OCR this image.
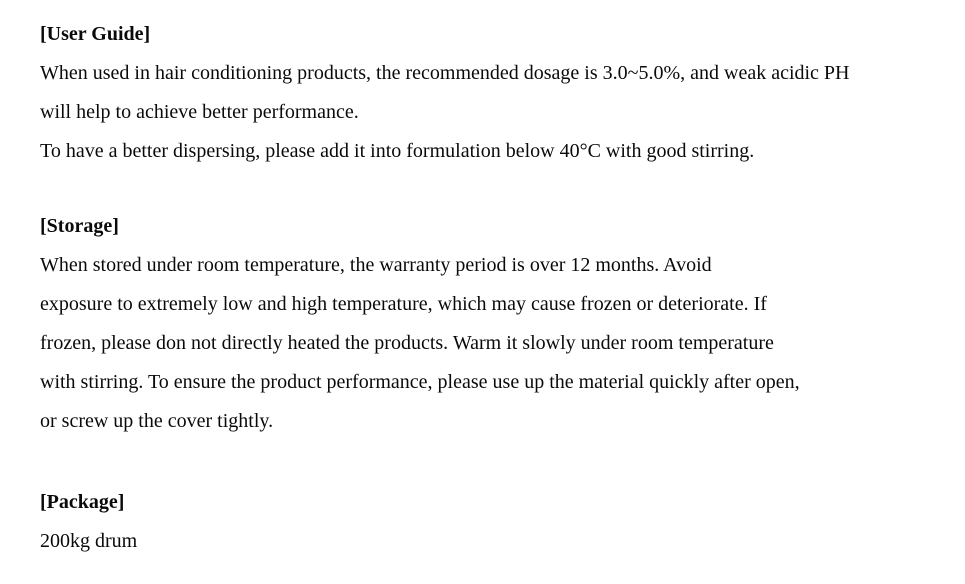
[User Guide]
When used in hair conditioning products, the recommended dosage is 3.0~5.0%, and weak acidic PH
will help to achieve better performance.
To have a better dispersing, please add it into formulation below 40°C with good stirring.
[Storage]
When stored under room temperature, the warranty period is over 12 months. Avoid
exposure to extremely low and high temperature, which may cause frozen or deteriorate. If
frozen, please don not directly heated the products. Warm it slowly under room temperature
with stirring. To ensure the product performance, please use up the material quickly after open,
or screw up the cover tightly.
[Package]
200kg drum
